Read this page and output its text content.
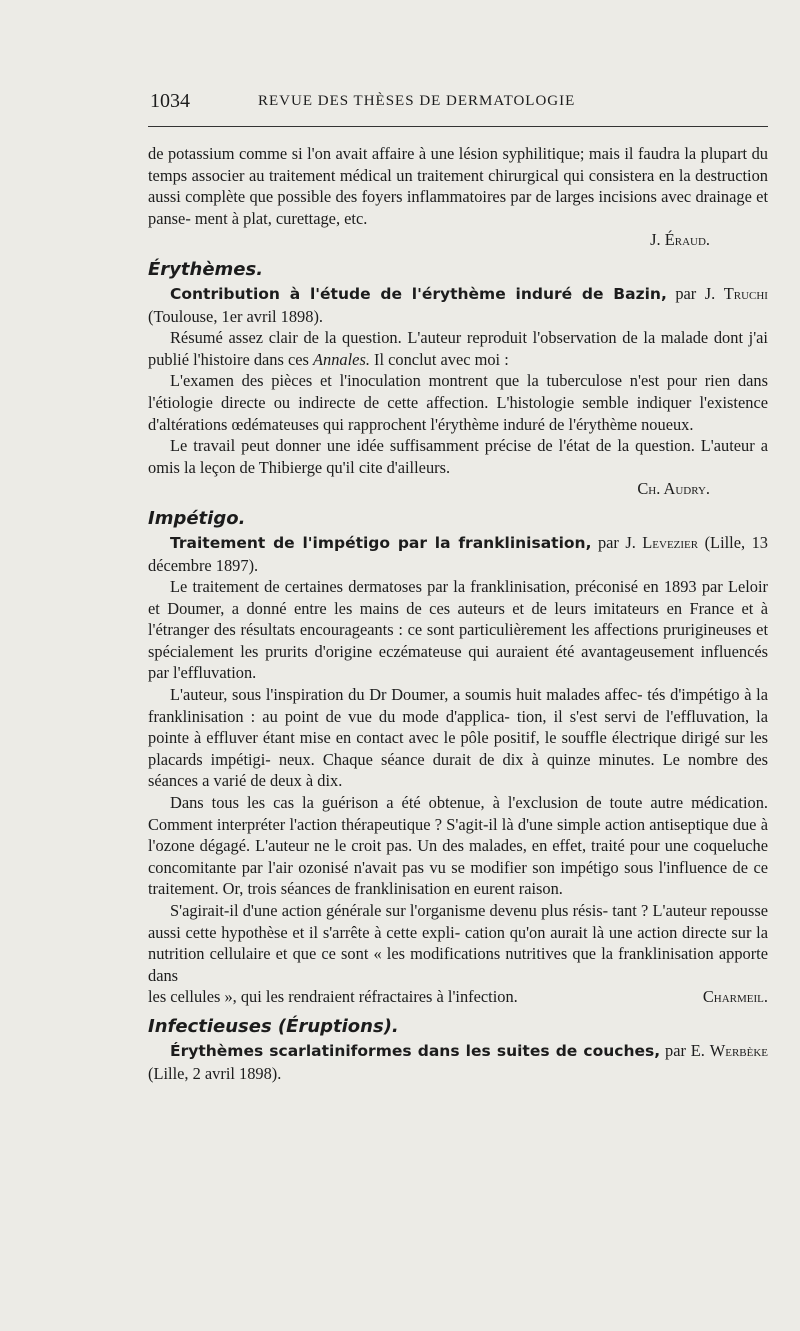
1034	REVUE DES THÈSES DE DERMATOLOGIE

de potassium comme si l'on avait affaire à une lésion syphilitique; mais il faudra la plupart du temps associer au traitement médical un traitement chirurgical qui consistera en la destruction aussi complète que possible des foyers inflammatoires par de larges incisions avec drainage et panse- ment à plat, curettage, etc.

J. Éraud.

Érythèmes.

Contribution à l'étude de l'érythème induré de Bazin, par J. Truchi (Toulouse, 1er avril 1898).

Résumé assez clair de la question. L'auteur reproduit l'observation de la malade dont j'ai publié l'histoire dans ces Annales. Il conclut avec moi :

L'examen des pièces et l'inoculation montrent que la tuberculose n'est pour rien dans l'étiologie directe ou indirecte de cette affection. L'histologie semble indiquer l'existence d'altérations œdémateuses qui rapprochent l'érythème induré de l'érythème noueux.

Le travail peut donner une idée suffisamment précise de l'état de la question. L'auteur a omis la leçon de Thibierge qu'il cite d'ailleurs.

Ch. Audry.

Impétigo.

Traitement de l'impétigo par la franklinisation, par J. Levezier (Lille, 13 décembre 1897).

Le traitement de certaines dermatoses par la franklinisation, préconisé en 1893 par Leloir et Doumer, a donné entre les mains de ces auteurs et de leurs imitateurs en France et à l'étranger des résultats encourageants : ce sont particulièrement les affections prurigineuses et spécialement les prurits d'origine eczémateuse qui auraient été avantageusement influencés par l'effluvation.

L'auteur, sous l'inspiration du Dr Doumer, a soumis huit malades affec- tés d'impétigo à la franklinisation : au point de vue du mode d'applica- tion, il s'est servi de l'effluvation, la pointe à effluver étant mise en contact avec le pôle positif, le souffle électrique dirigé sur les placards impétigi- neux. Chaque séance durait de dix à quinze minutes. Le nombre des séances a varié de deux à dix.

Dans tous les cas la guérison a été obtenue, à l'exclusion de toute autre médication. Comment interpréter l'action thérapeutique ? S'agit-il là d'une simple action antiseptique due à l'ozone dégagé. L'auteur ne le croit pas. Un des malades, en effet, traité pour une coqueluche concomitante par l'air ozonisé n'avait pas vu se modifier son impétigo sous l'influence de ce traitement. Or, trois séances de franklinisation en eurent raison.

S'agirait-il d'une action générale sur l'organisme devenu plus résis- tant ? L'auteur repousse aussi cette hypothèse et il s'arrête à cette expli- cation qu'on aurait là une action directe sur la nutrition cellulaire et que ce sont « les modifications nutritives que la franklinisation apporte dans

les cellules », qui les rendraient réfractaires à l'infection.	Charmeil.
Infectieuses (Éruptions).

Érythèmes scarlatiniformes dans les suites de couches, par E. Werbèke (Lille, 2 avril 1898).
